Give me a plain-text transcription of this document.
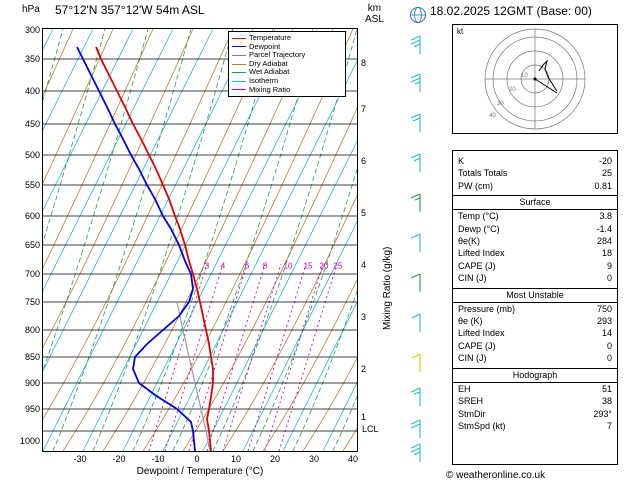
hPa 57°12'N 357°12'W 54m ASL	km
ASL
300
350
400
450
500
550
600
650
700
750
800
850
900
950
1000
-30	-20	-10	0	10	20	30	40
1
2
3
4
5
6
7
8
3 4 6 8 10 15 20 25
Temperature
Dewpoint
Parcel Trajectory
Dry Adiabat
Wet Adiabat
Isotherm
Mixing Ratio
Dewpoint / Temperature (°C)
Mixing Ratio (g/kg)
LCL
18.02.2025 12GMT (Base: 00)
kt
10
20
30
40
K	-20
Totals Totals	25
PW (cm)	0.81
Surface
Temp (°C)	3.8
Dewp (°C)	-1.4
θe(K)	284
Lifted Index	18
CAPE (J)	9
CIN (J)	0
Most Unstable
Pressure (mb)	750
θe (K)	293
Lifted Index	14
CAPE (J)	0
CIN (J)	0
Hodograph
EH	51
SREH	38
StmDir	293°
StmSpd (kt)	7
© weatheronline.co.uk
